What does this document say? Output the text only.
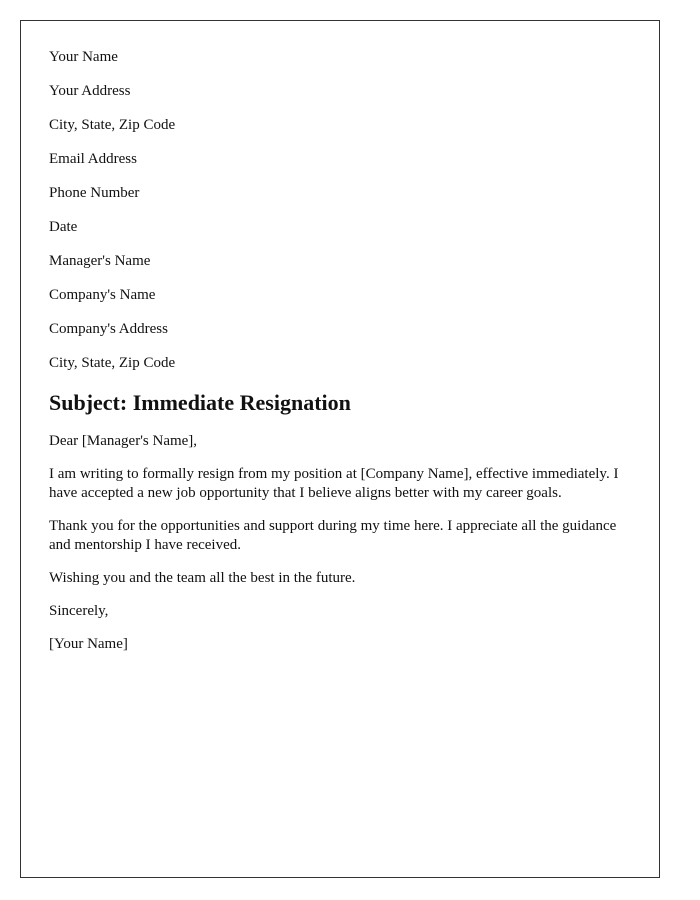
Your Name
Your Address
City, State, Zip Code
Email Address
Phone Number
Date
Manager's Name
Company's Name
Company's Address
City, State, Zip Code
Subject: Immediate Resignation

Dear [Manager's Name],

I am writing to formally resign from my position at [Company Name], effective immediately. I have accepted a new job opportunity that I believe aligns better with my career goals.

Thank you for the opportunities and support during my time here. I appreciate all the guidance and mentorship I have received.

Wishing you and the team all the best in the future.

Sincerely,

[Your Name]
